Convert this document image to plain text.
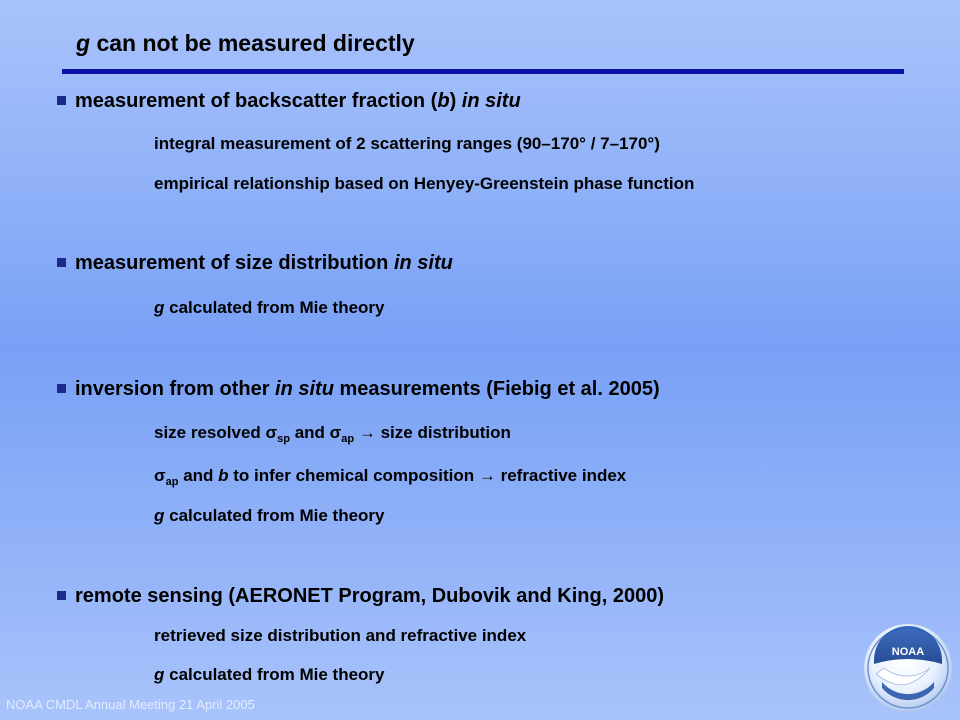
g can not be measured directly
measurement of backscatter fraction (b) in situ
integral measurement of 2 scattering ranges (90–170° / 7–170°)
empirical relationship based on Henyey-Greenstein phase function
measurement of size distribution in situ
g calculated from Mie theory
inversion from other in situ measurements (Fiebig et al. 2005)
size resolved $\sigma_{sp}$ and $\sigma_{ap}$ → size distribution
$\sigma_{ap}$ and b to infer chemical composition → refractive index
g calculated from Mie theory
remote sensing (AERONET Program, Dubovik and King, 2000)
retrieved size distribution and refractive index
g calculated from Mie theory
NOAA CMDL Annual Meeting 21 April 2005
NOAA
